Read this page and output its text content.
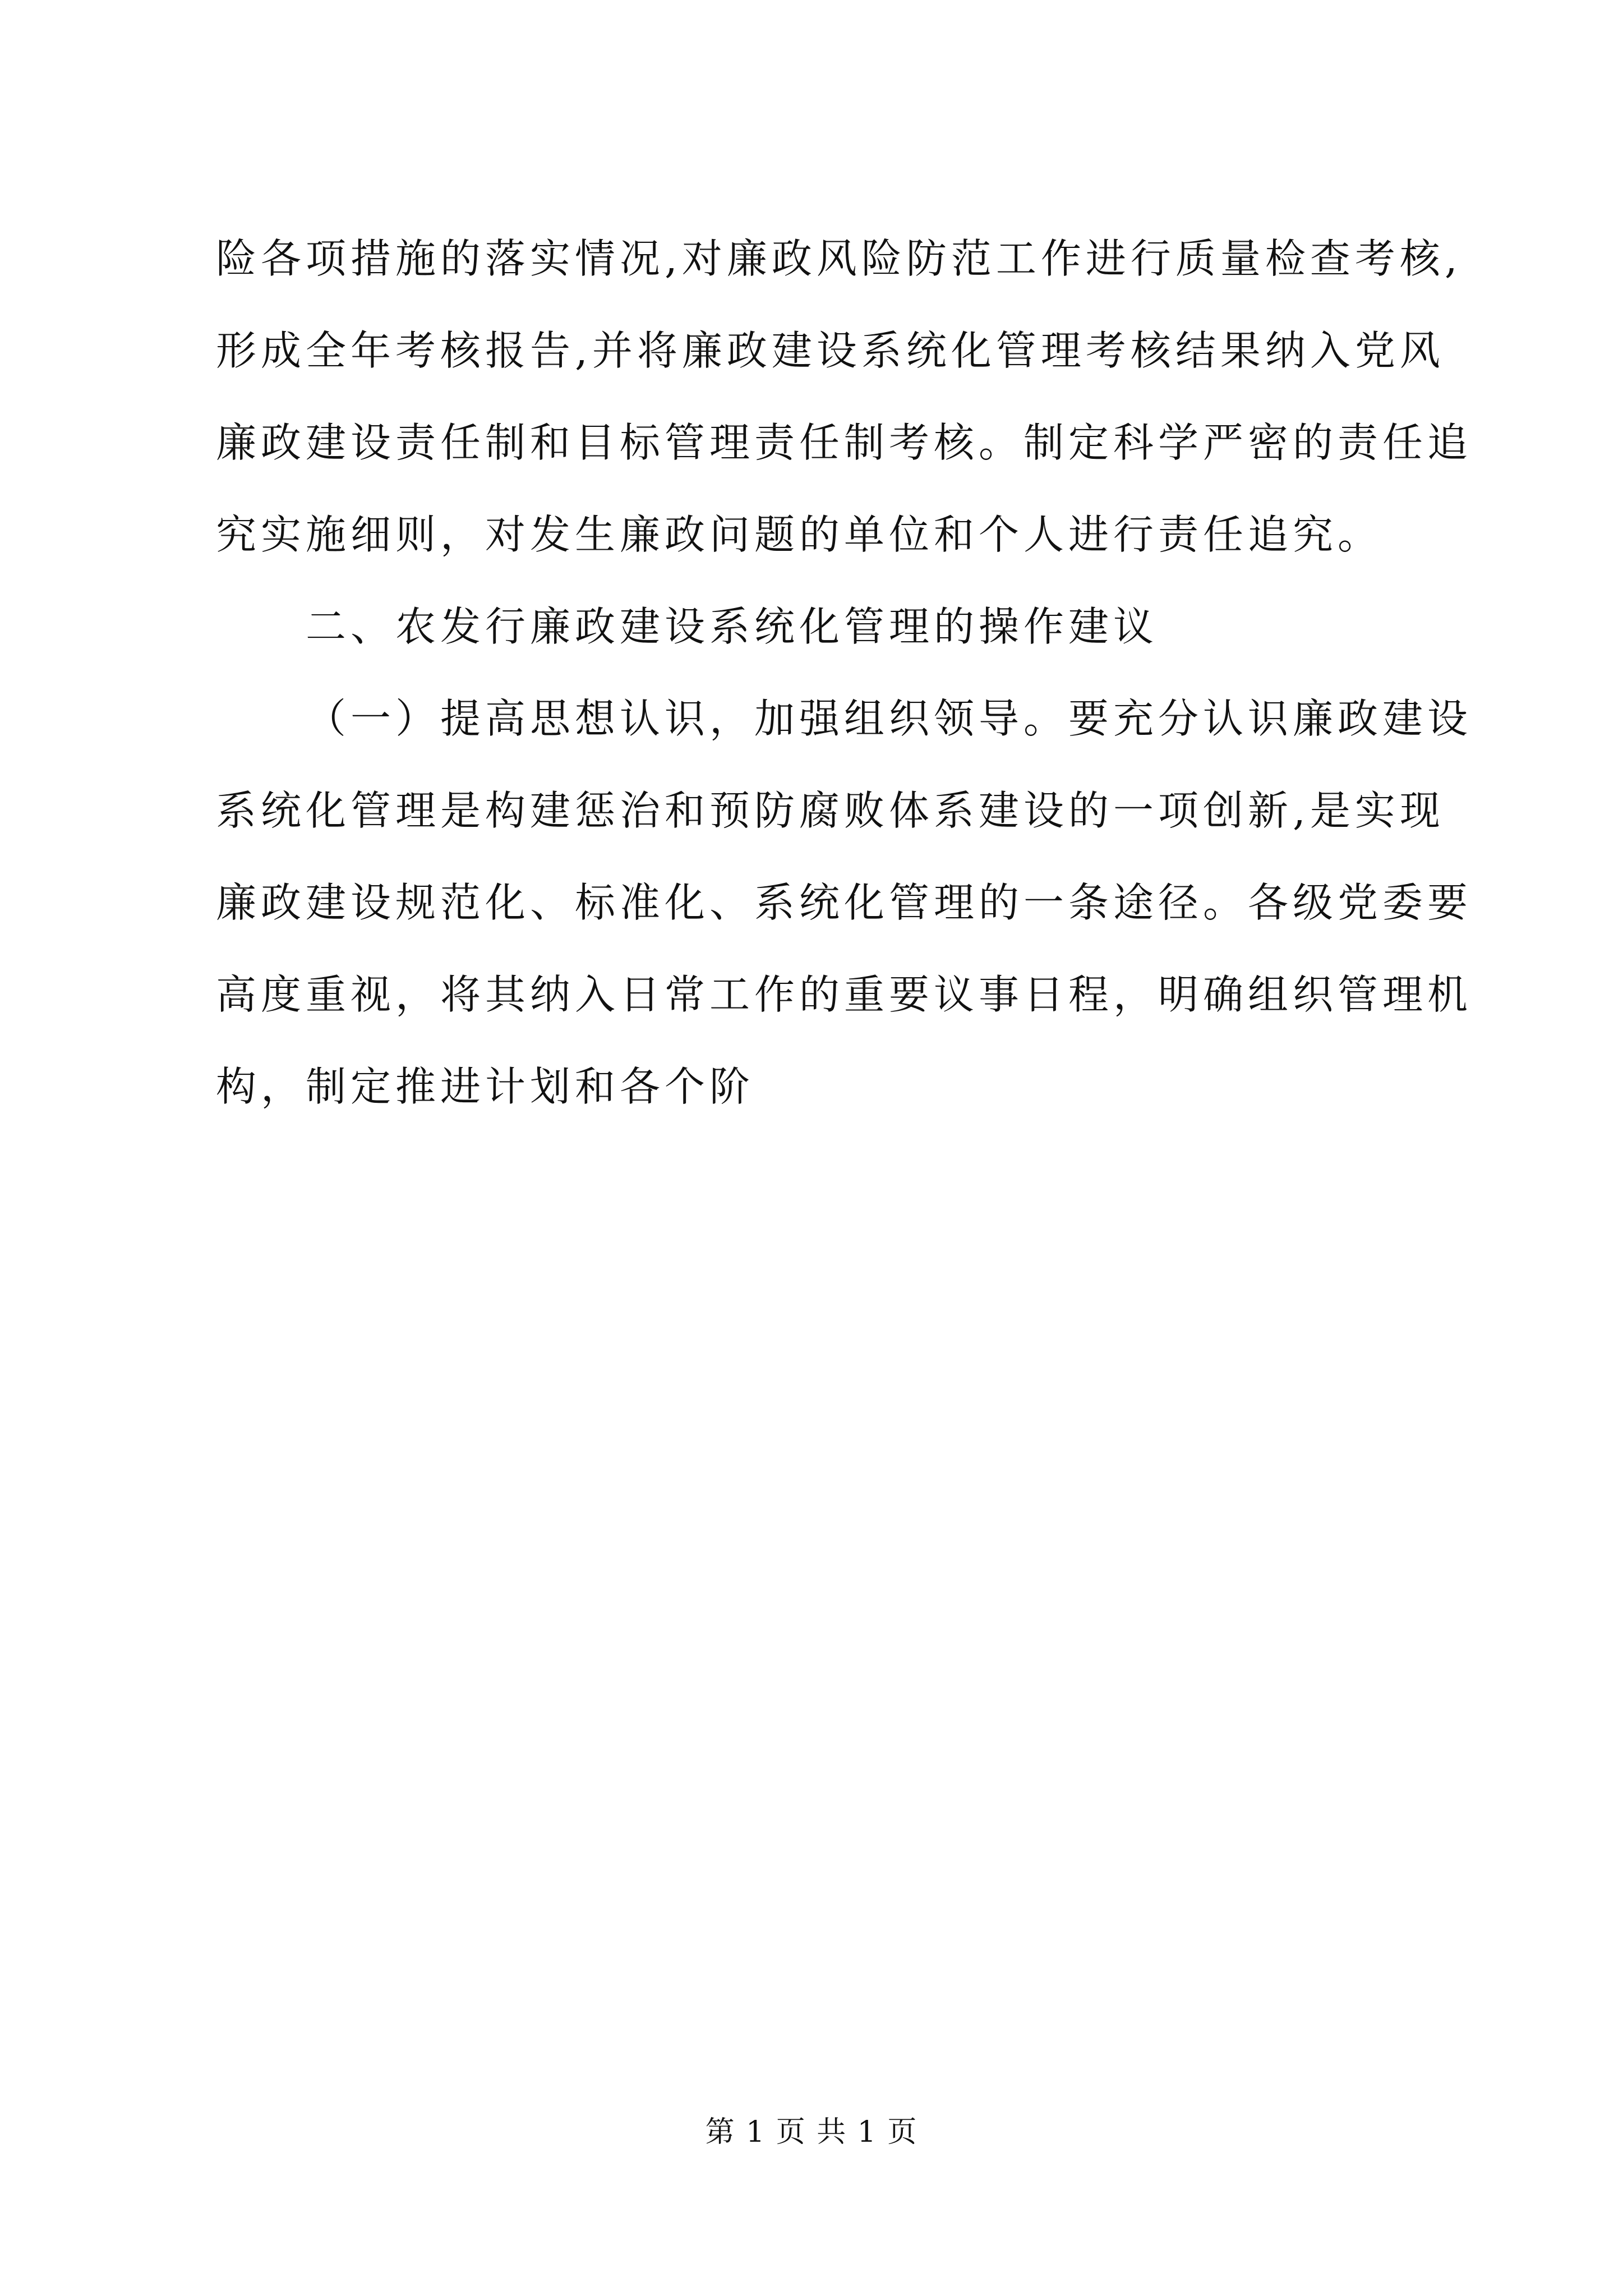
险各项措施的落实情况,对廉政风险防范工作进行质量检查考核,

形成全年考核报告,并将廉政建设系统化管理考核结果纳入党风

廉政建设责任制和目标管理责任制考核。制定科学严密的责任追

究实施细则，对发生廉政问题的单位和个人进行责任追究。

二、农发行廉政建设系统化管理的操作建议

（一）提高思想认识，加强组织领导。要充分认识廉政建设

系统化管理是构建惩治和预防腐败体系建设的一项创新,是实现

廉政建设规范化、标准化、系统化管理的一条途径。各级党委要

高度重视，将其纳入日常工作的重要议事日程，明确组织管理机

构，制定推进计划和各个阶

第 1 页 共 1 页
